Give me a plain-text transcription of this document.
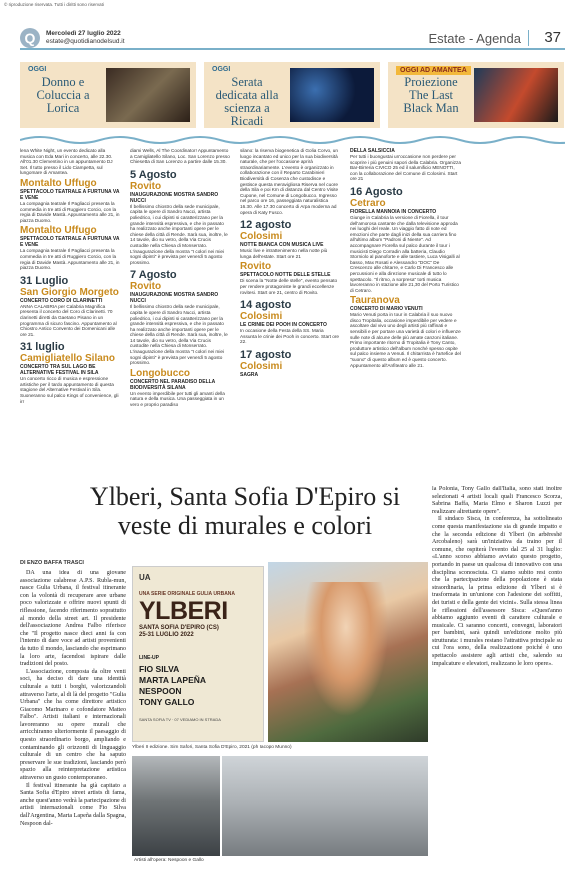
© riproduzione riservata. Tutti i diritti sono riservati
Q	Mercoledì 27 luglio 2022
estate@quotidianodelsud.it	Estate - Agenda 37
OGGI
Donno e Coluccia a Lorica
OGGI
Serata dedicata alla scienza a Ricadi
OGGI AD AMANTEA
Proiezione The Last Black Man

lena White Night, un evento dedicato alla musica con Eda Mari in concerto, alle 22.30. All'01.30 Clementino in un appuntamento DJ Set. Il tutto presso il Lido Ciampetta, sul lungomare di Amantea.

Montalto Uffugo
SPETTACOLO TEATRALE A FURTUNA VA E VENE

La compagnia teatrale Il Pagliacci presenta la commedia in tre atti di Ruggiero Corcio, con la regia di Davide Mastà. Appuntamento alle 21, in piazza Duomo.

Montalto Uffugo
SPETTACOLO TEATRALE A FURTUNA VA E VENE

La compagnia teatrale Il Pagliacci presenta la commedia in tre atti di Ruggiero Corcio, con la regia di Davide Mastà. Appuntamento alle 21, in piazza Duomo.

31 Luglio
San Giorgio Morgeto
CONCERTO CORO DI CLARINETTI

ANNA CALABRIA per Calabria Magnifica presenta il concerto del Coro di Clarinetti. 70 clarinetti diretti da Gaetano Pisano in un programma di sicuro fascino. Appuntamento al Chiostro Antico Convento dei Domenicani alle ore 21.

31 luglio
Camigliatello Silano
CONCERTO TRA SUL LAGO BE ALTERNATIVE FESTIVAL IN SILA

Un concerto ricco di musica e espressione artistiche per il tardo appuntamento di questa stagione del Alternative Festival in Sila. Suoneranno sul palco Kings of convenience, gli irr

diami Wells, Al The Coordinator! Appuntamento a Camigliatello Silano, Loc. San Lorenzo presso Chiesetta di San Lorenzo a partire dalle 15.30.

5 Agosto
Rovito
INAUGURAZIONE MOSTRA SANDRO NUCCI

Il bellissimo chiostro della sede municipale, capita le opere di Sandro Nucci, artista poliedrico, i cui dipinti si caratterizzano per la grande intensità espressiva, e che in passato ha realizzato anche importanti opere per le chiese della città di Rende. Sarà sua, inoltre, le 14 tavole, dio su vetro, della Via Crucis custodite nella Chiesa di Monserrato. L'inaugurazione della mostra "I colori nei miei sogni dipinti" è prevista per venerdì 5 agosto prossimo.

7 Agosto
Rovito
INAUGURAZIONE MOSTRA SANDRO NUCCI

Il bellissimo chiostro della sede municipale, capita le opere di Sandro Nucci, artista poliedrico, i cui dipinti si caratterizzano per la grande intensità espressiva, e che in passato ha realizzato anche importanti opere per le chiese della città di Rende. Sarà sua, inoltre, le 14 tavole, dio su vetro, della Via Crucis custodite nella Chiesa di Monserrato. L'inaugurazione della mostra "I colori nei miei sogni dipinti" è prevista per venerdì 5 agosto prossimo.

Longobucco
CONCERTO NEL PARADISO DELLA BIODIVERSITÀ SILANA

Un evento imperdibile per tutti gli amanti della natura e della musica. Una passeggiata in un vero e proprio paradiso

silano: la riserva biogenetica di Golia Corvo, un luogo incantato ed unico per la sua biodiversità naturale, che per l'occasione aprirà straordinariamente. L'evento è organizzato in collaborazione con il Reparto Carabinieri Biodiversità di Cosenza che custodisce e gestisce questa meravigliosa Riserva nel cuore della Sila e poi Km di distanza dal Centro Visite Cupone, nel Comune di Longobucco. Ingresso nel parco ore 16, passeggiata naturalistica 16.30. Alle 17.30 concerto di Arpa moderna ad opera di Katy Fusco.

12 agosto
Colosimi
NOTTE BIANCA CON MUSICA LIVE

Music live e intrattenimento nella notte più lunga dell'estate. Start ore 21

Rovito
SPETTACOLO NOTTE DELLE STELLE

Di scena la "Notte delle stelle", evento pensato per rendere protagoniste le grandi eccellenze rovitesi. Start ore 21, centro di Rovito.

14 agosto
Colosimi
LE CRINIE DEI POOH IN CONCERTO

In occasione della Festa della SS. Maria Assunta le crinie dei Pooh in concerto. Start ore 22.

17 agosto
Colosimi
SAGRA
DELLA SALSICCIA

Per tutti i buongustai un'occasione non perdere per scoprire i più genuini sapori della Calabria. Organizza Bar-Birreria CIVICO 25 ed il salumificio MENOTTI, con la collaborazione del Comune di Colosimi. Start ore 21

16 Agosto
Cetraro
FIORELLA MANNOIA IN CONCERTO

Giunge in Calabria la versione di Fiorella, il tour dell'amorosa cantante che dalla televisione approda nei luoghi del reale. Un viaggio fatto di note ed emozioni che parte dagli inizi della sua carriera fino all'ultimo album "Padroni di Niente". Ad accompagnare Fiorella sul palco durante il tour i musicisti Diego Corradin alla batteria, Claudio Storniolo al pianoforte e alle tastiere, Luca Visigalli al basso, Max Rosati e Alessandro "DOC" De Crescenzo alle chitarre, e Carlo Di Francesco alle percussioni e alla direzione musicale di tutto lo spettacolo. "Il ritmo, a sorpresa" torti musica lavoreranno in stazione alle 21,30 del Porto Turistico di Cetraro.

Tauranova
CONCERTO DI MARIO VENUTI

Mario Venuti porta in tour in Calabria il suo nuovo disco Tropitalia, occasione imperdibile per vedere e ascoltare dal vivo uno degli artisti più raffinati e sensibili e per portare una varietà di colori e influenze sulle note di alcune delle più amate canzoni italiane. Primo importante ritorno di Tropitalia è Tony Canto, produttore artistico dell'album nonché spesso ospite sul palco insieme a Venuti. Il chitarrista è l'artefice del "suono" di questo album ed è questo concerto. Appuntamento all'Anfiteatro alle 21.

Ylberi, Santa Sofia D'Epiro si veste di murales e colori
DI ENZO BAFFA TRASCI

DA una idea di una giovane associazione calabrese A.P.S. Rubla-mun, nasce Gulia Urbana, il festival itinerante con la volontà di recuperare aree urbane poco valorizzate e offrire nuovi spunti di riflessione, facendo riferimento soprattutto al mondo della street art. Il presidente dell'associazione Andrea Falbo riferisce che "Il progetto nasce dieci anni fa con l'intento di dare voce ad artisti provenienti da tutto il mondo, lasciando che esprimano la loro arte, facendosi ispirare dalle tradizioni del posto.

L'associazione, composta da oltre venti soci, ha deciso di dare una identità culturale a tutti i borghi, valorizzandoli attraverso l'arte, al di là del progetto "Gulia Urbana" che ha come direttore artistico Giacomo Marinaro e cofondatore Matteo Falbo". Artisti italiani e internazionali lavoreranno su opere murali che arricchiranno ulteriormente il paesaggio di questo straordinario borgo, ampliando e contaminando gli orizzonti di linguaggio culturale di un centro che ha saputo preservare le sue tradizioni, lasciando però spazio alla reinterpretazione artistica attraverso un gusto contemporaneo.

Il festival itinerante ha già capitato a Santa Sofia d'Epiro street artists di fama, anche quest'anno vedrà la partecipazione di artisti internazionali come Fio Silva dall'Argentina, Marta Lapeña dalla Spagna, Nespoon dal-

UA
UNA SERIE ORIGINALE GULIA URBANA
YLBERI
SANTA SOFIA D'EPIRO (CS)
25-31 LUGLIO 2022
LINE-UP
FIO SILVA
MARTA LAPEÑA
NESPOON
TONY GALLO
SANTA SOFIA TV · 07 VEDIAMO IN STRADA
Ylberi II edizione. Sim Safori, Santa Sofia D'Epiro, 2021 (ph Iacopo Munno)

la Polonia, Tony Gallo dall'Italia, sono stati inoltre selezionati 4 artisti locali quali Francesco Scorza, Sabrina Baffa, Maria Elmo e Sharon Luzzi per realizzare altrettante opere".

Il sindaco Sisca, in conferenza, ha sottolineato come questa manifestazione sia di grande impatto e che la seconda edizione di Ylberi (in arbëreshë Arcobaleno) sarà un'iniziativa da traino per il comune, che ospiterà l'evento dal 25 al 31 luglio: «L'anno scorso abbiamo avviato questo progetto, portando in paese un qualcosa di innovativo con una disciplina sconosciuta. Ci siamo subito resi conto che la partecipazione della popolazione è stata straordinaria, la prima edizione di Ylberi si è trasformata in un'unione con l'adesione dei soffitti, dei turisti e della gente dei vicini». Sulla stessa linea le riflessioni dell'assessore Sisca: «Quest'anno abbiamo aggiunto eventi di carattere culturale e musicale. Ci saranno concerti, convegni, laboratori per bambini, sarà quindi un'edizione molto più strutturata: i murales restano l'attrattiva principale su cui l'ora sono, della realizzazione poiché è uno spettacolo assistere agli artisti che, salendo su impalcature e elevatori, realizzano le loro opere».

Artisti all'opera: Nespoon e Gallo
